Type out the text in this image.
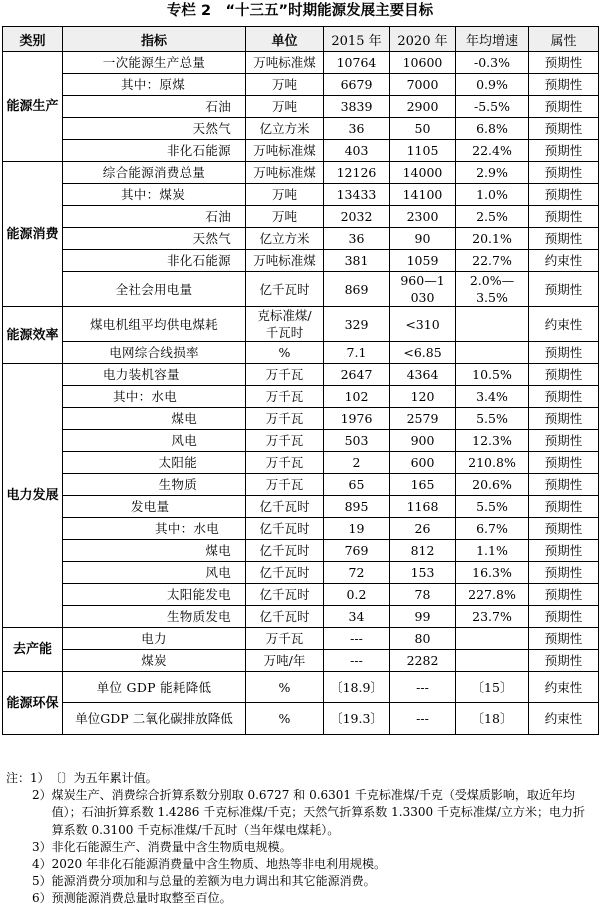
专栏 2　“十三五”时期能源发展主要目标
类别	指标	单位	2015 年	2020 年	年均增速	属性
能源生产	一次能源生产总量	万吨标准煤	10764	10600	-0.3%	预期性
	其中：原煤	万吨	6679	7000	0.9%	预期性
	石油	万吨	3839	2900	-5.5%	预期性
	天然气	亿立方米	36	50	6.8%	预期性
	非化石能源	万吨标准煤	403	1105	22.4%	预期性
能源消费	综合能源消费总量	万吨标准煤	12126	14000	2.9%	预期性
	其中：煤炭	万吨	13433	14100	1.0%	预期性
	石油	万吨	2032	2300	2.5%	预期性
	天然气	亿立方米	36	90	20.1%	预期性
	非化石能源	万吨标准煤	381	1059	22.7%	约束性
	全社会用电量	亿千瓦时	869	960—1030	2.0%—3.5%	预期性
能源效率	煤电机组平均供电煤耗	克标准煤/千瓦时	329	<310		约束性
	电网综合线损率	%	7.1	<6.85		预期性
电力发展	电力装机容量	万千瓦	2647	4364	10.5%	预期性
	其中：水电	万千瓦	102	120	3.4%	预期性
	煤电	万千瓦	1976	2579	5.5%	预期性
	风电	万千瓦	503	900	12.3%	预期性
	太阳能	万千瓦	2	600	210.8%	预期性
	生物质	万千瓦	65	165	20.6%	预期性
	发电量	亿千瓦时	895	1168	5.5%	预期性
	其中：水电	亿千瓦时	19	26	6.7%	预期性
	煤电	亿千瓦时	769	812	1.1%	预期性
	风电	亿千瓦时	72	153	16.3%	预期性
	太阳能发电	亿千瓦时	0.2	78	227.8%	预期性
	生物质发电	亿千瓦时	34	99	23.7%	预期性
去产能	电力	万千瓦	---	80		预期性
	煤炭	万吨/年	---	2282		预期性
能源环保	单位 GDP 能耗降低	%	〔18.9〕	---	〔15〕	约束性
	单位GDP 二氧化碳排放降低	%	〔19.3〕	---	〔18〕	约束性
注：1） 〔〕为五年累计值。
2） 煤炭生产、消费综合折算系数分别取 0.6727 和 0.6301 千克标准煤/千克（受煤质影响，取近年均值）；石油折算系数 1.4286 千克标准煤/千克；天然气折算系数 1.3300 千克标准煤/立方米；电力折算系数 0.3100 千克标准煤/千瓦时（当年煤电煤耗）。
3） 非化石能源生产、消费量中含生物质电规模。
4） 2020 年非化石能源消费量中含生物质、地热等非电利用规模。
5） 能源消费分项加和与总量的差额为电力调出和其它能源消费。
6） 预测能源消费总量时取整至百位。
